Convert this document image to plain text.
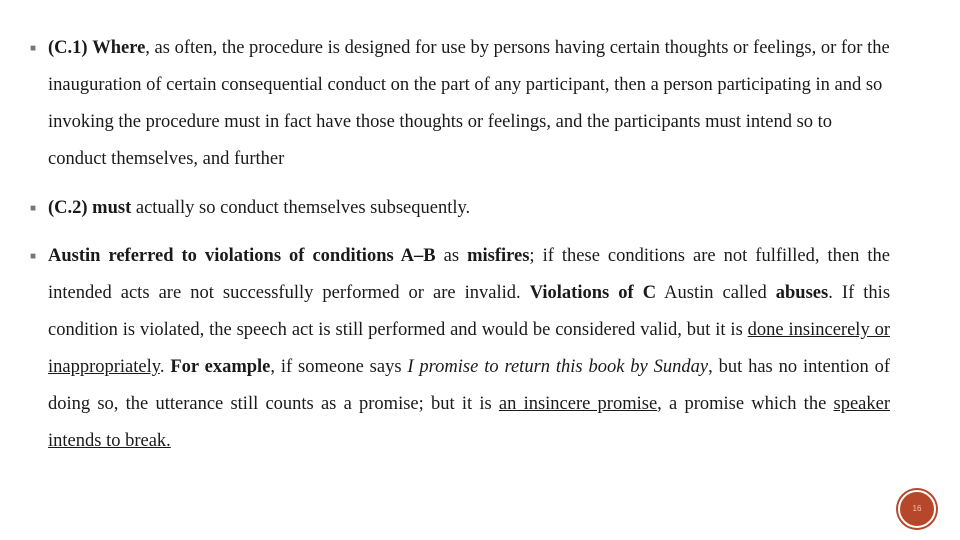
■ (C.1) Where, as often, the procedure is designed for use by persons having certain thoughts or feelings, or for the inauguration of certain consequential conduct on the part of any participant, then a person participating in and so invoking the procedure must in fact have those thoughts or feelings, and the participants must intend so to conduct themselves, and further
■ (C.2) must actually so conduct themselves subsequently.
■ Austin referred to violations of conditions A–B as misfires; if these conditions are not fulfilled, then the intended acts are not successfully performed or are invalid. Violations of C Austin called abuses. If this condition is violated, the speech act is still performed and would be considered valid, but it is done insincerely or inappropriately. For example, if someone says I promise to return this book by Sunday, but has no intention of doing so, the utterance still counts as a promise; but it is an insincere promise, a promise which the speaker intends to break.
16
